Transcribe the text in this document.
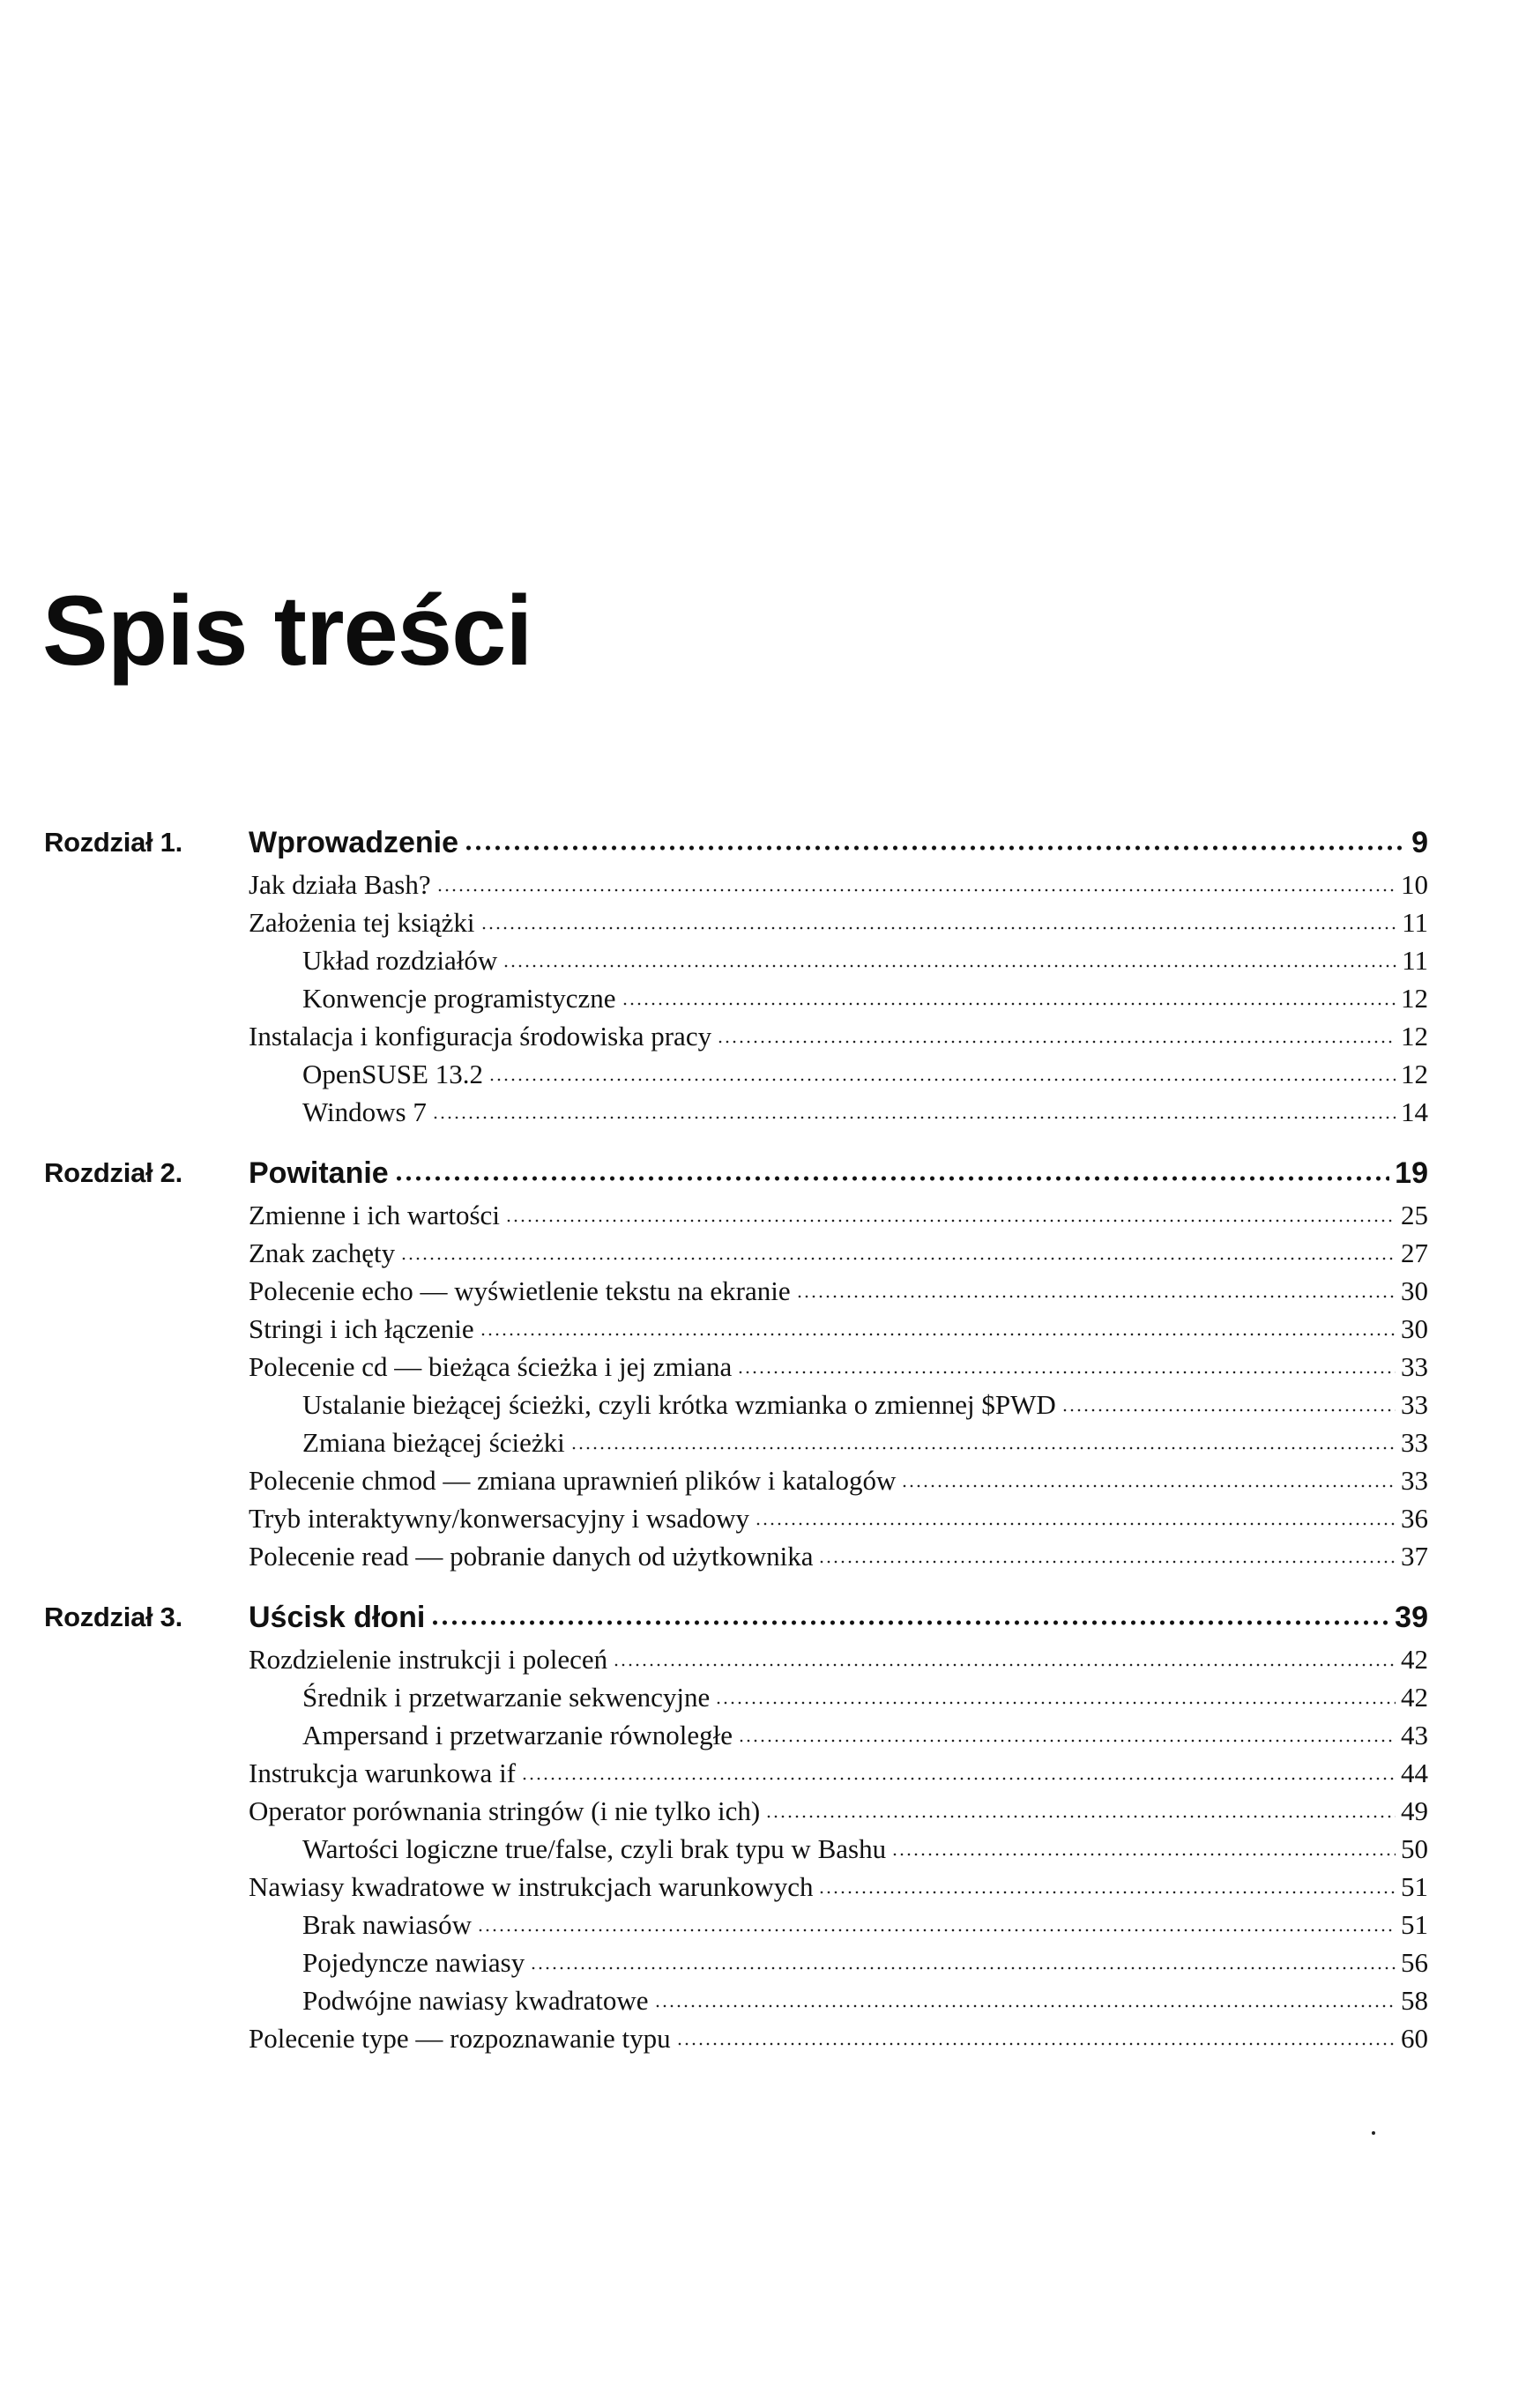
Spis treści
Rozdział 1.	Wprowadzenie	9
Jak działa Bash?	10
Założenia tej książki	11
Układ rozdziałów	11
Konwencje programistyczne	12
Instalacja i konfiguracja środowiska pracy	12
OpenSUSE 13.2	12
Windows 7	14
Rozdział 2.	Powitanie	19
Zmienne i ich wartości	25
Znak zachęty	27
Polecenie echo — wyświetlenie tekstu na ekranie	30
Stringi i ich łączenie	30
Polecenie cd — bieżąca ścieżka i jej zmiana	33
Ustalanie bieżącej ścieżki, czyli krótka wzmianka o zmiennej $PWD	33
Zmiana bieżącej ścieżki	33
Polecenie chmod — zmiana uprawnień plików i katalogów	33
Tryb interaktywny/konwersacyjny i wsadowy	36
Polecenie read — pobranie danych od użytkownika	37
Rozdział 3.	Uścisk dłoni	39
Rozdzielenie instrukcji i poleceń	42
Średnik i przetwarzanie sekwencyjne	42
Ampersand i przetwarzanie równoległe	43
Instrukcja warunkowa if	44
Operator porównania stringów (i nie tylko ich)	49
Wartości logiczne true/false, czyli brak typu w Bashu	50
Nawiasy kwadratowe w instrukcjach warunkowych	51
Brak nawiasów	51
Pojedyncze nawiasy	56
Podwójne nawiasy kwadratowe	58
Polecenie type — rozpoznawanie typu	60
